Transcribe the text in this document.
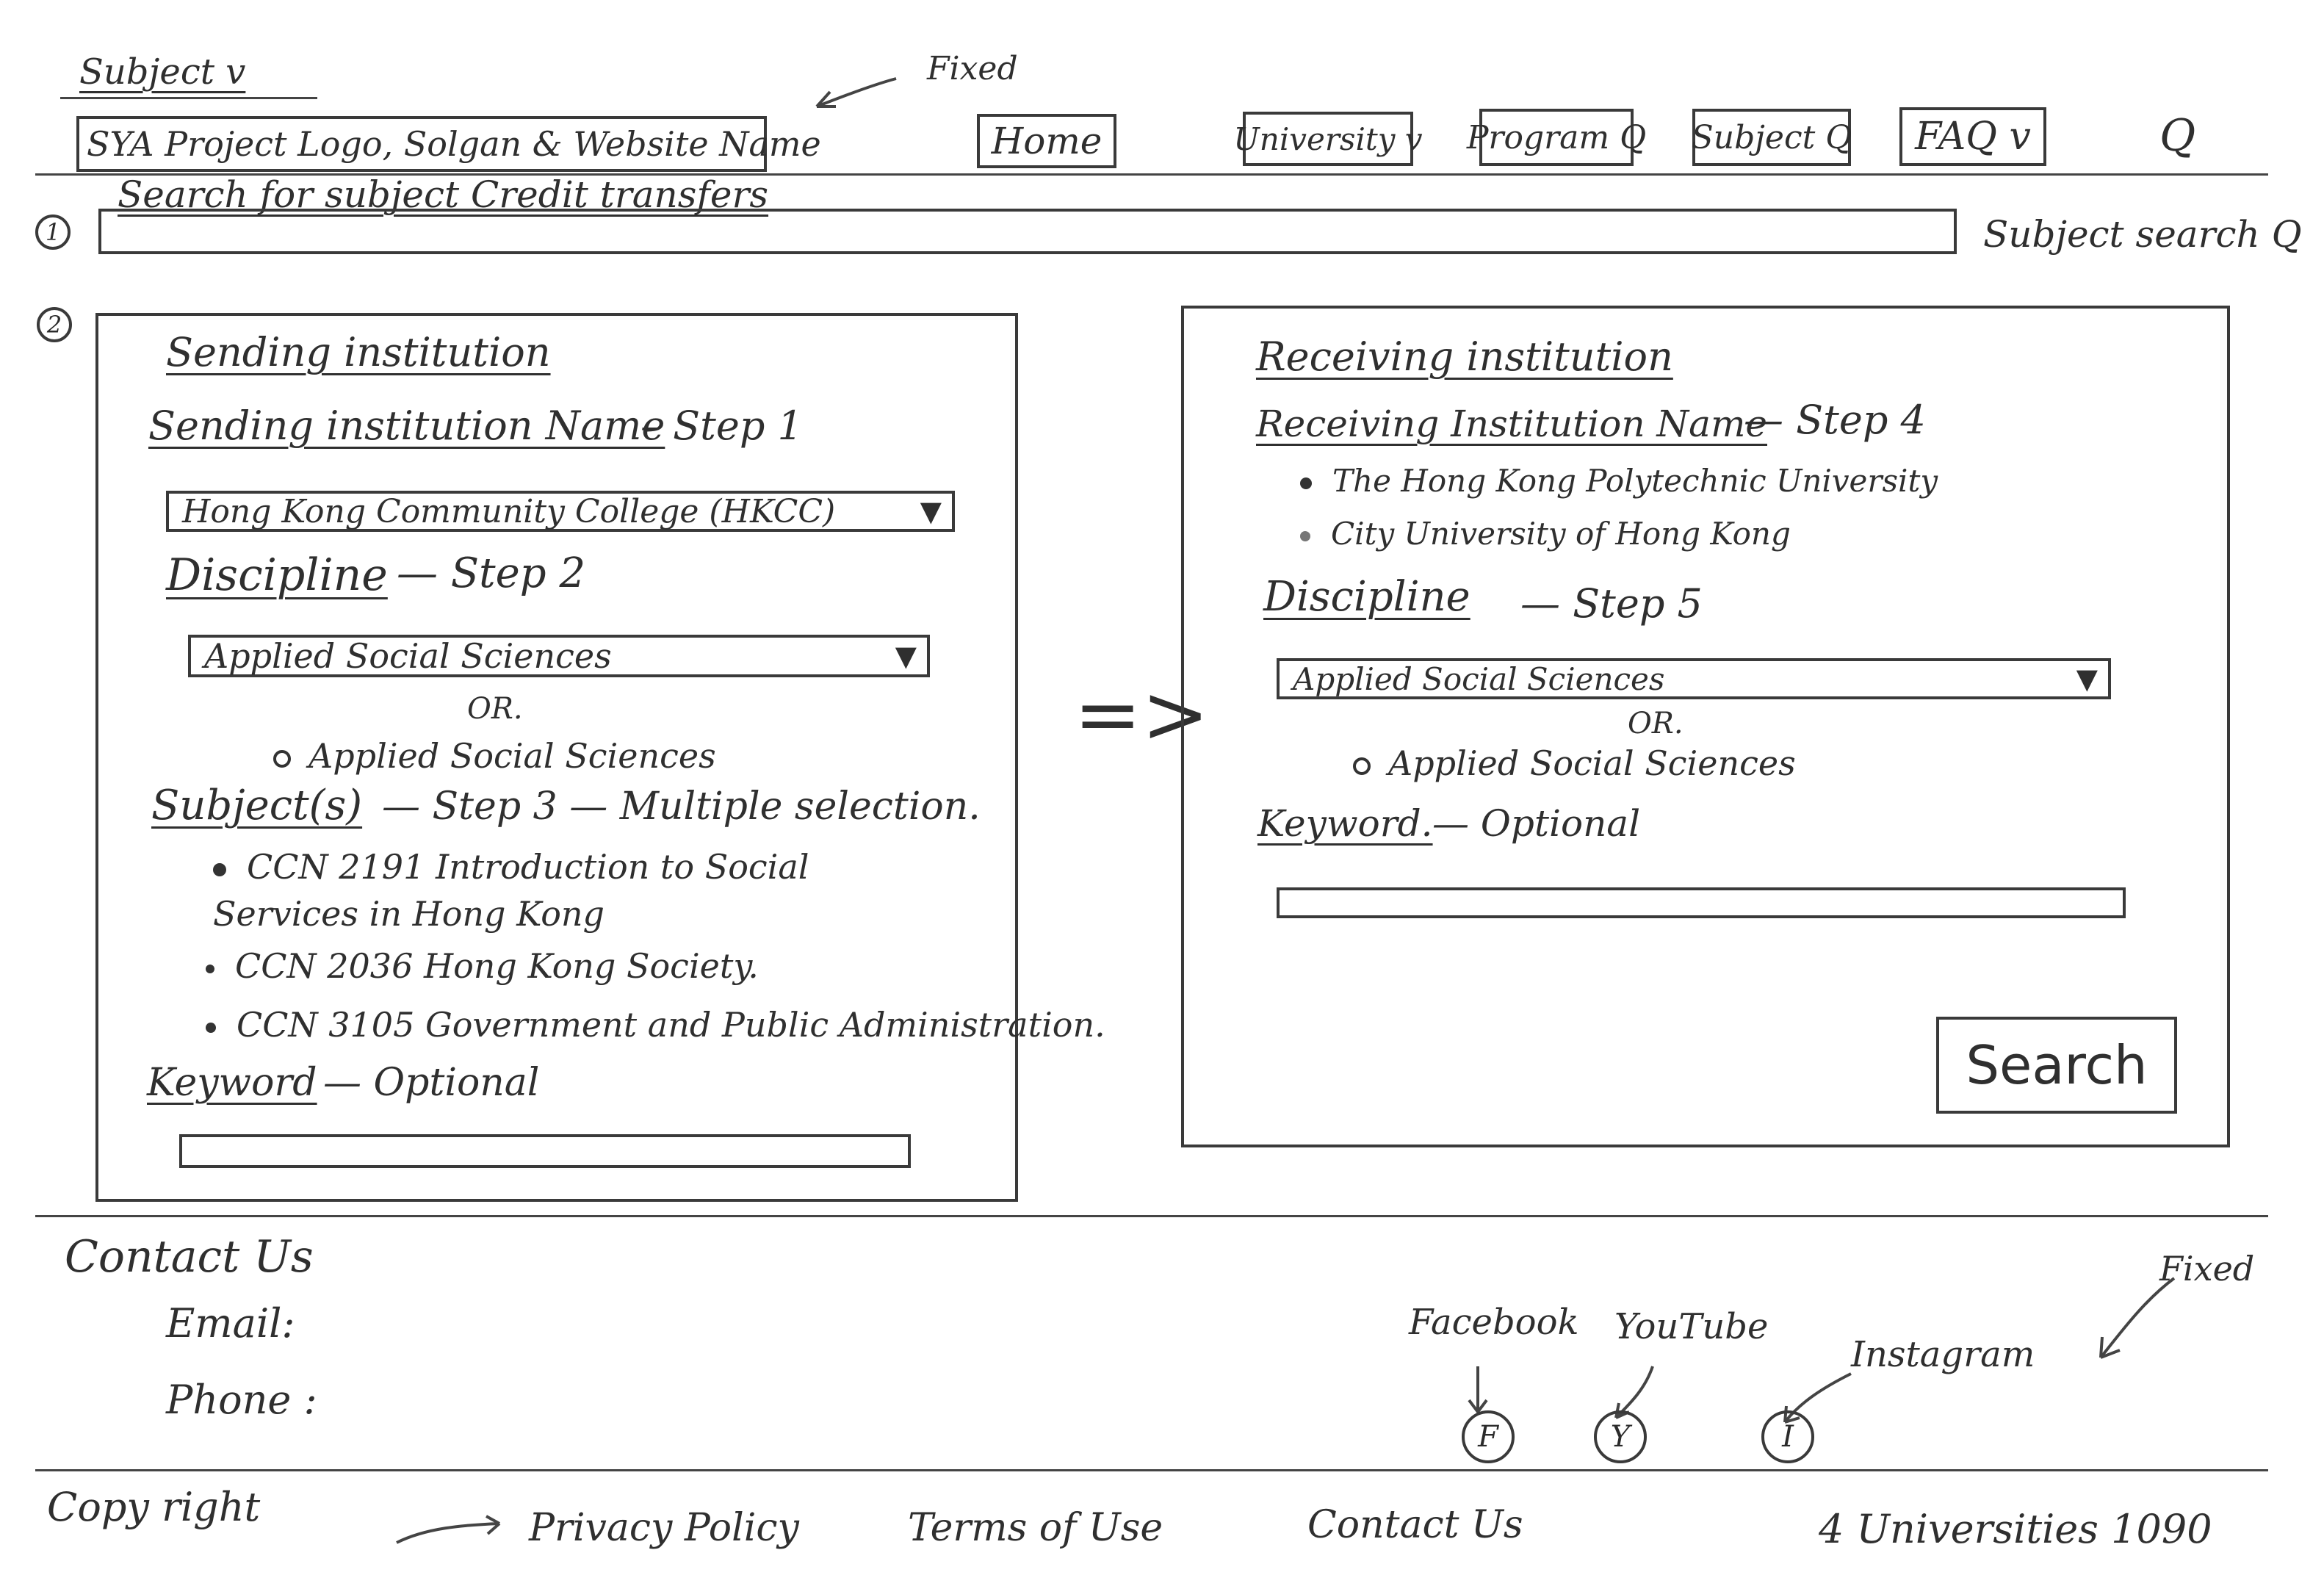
Subject v	Fixed
SYA Project Logo, Solgan & Website Name	Home	University v Program Q Subject Q	FAQ v	Q
1
Search for subject Credit transfers
Subject search Q
2
Sending institution
Sending institution Name
– Step 1
Hong Kong Community College (HKCC)	▼
Discipline — Step 2
Applied Social Sciences	▼
OR.
Applied Social Sciences
Subject(s) — Step 3 — Multiple selection.
CCN 2191 Introduction to Social Services in Hong Kong
CCN 2036 Hong Kong Society.
CCN 3105 Government and Public Administration.
Keyword — Optional
=>
Receiving institution
Receiving Institution Name
— Step 4
The Hong Kong Polytechnic University
City University of Hong Kong
Discipline — Step 5
Applied Social Sciences	▼
OR.
Applied Social Sciences
Keyword. — Optional
Search
Contact Us
Email:
Phone :
Facebook YouTube
Instagram
F	Y	I
Fixed
Copy right	Privacy Policy	Terms of Use	Contact Us	4 Universities 1090
